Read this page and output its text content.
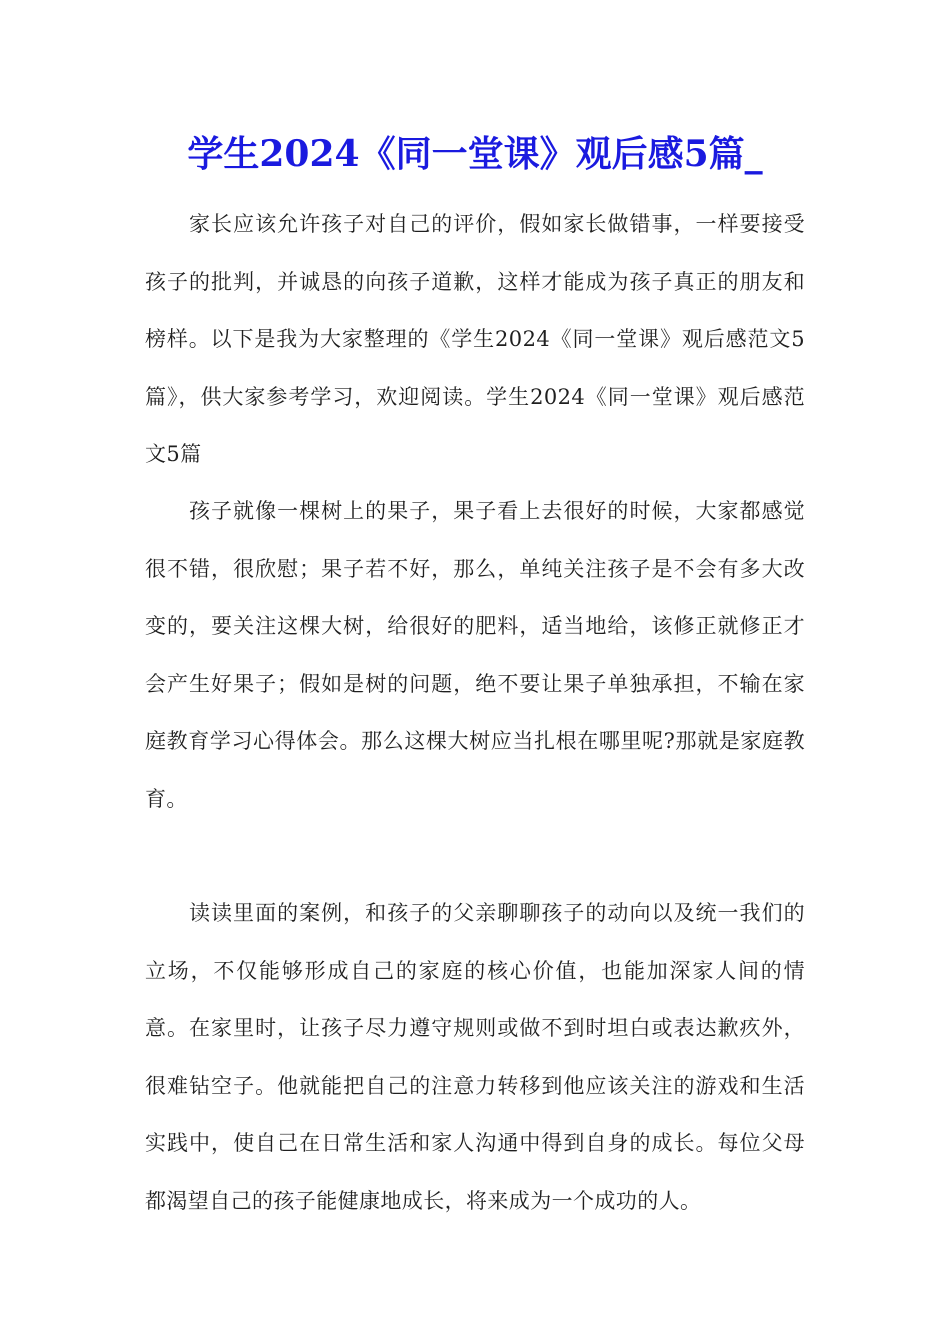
学生2024《同一堂课》观后感5篇_

家长应该允许孩子对自己的评价，假如家长做错事，一样要接受孩子的批判，并诚恳的向孩子道歉，这样才能成为孩子真正的朋友和榜样。以下是我为大家整理的《学生2024《同一堂课》观后感范文5篇》，供大家参考学习，欢迎阅读。学生2024《同一堂课》观后感范文5篇

孩子就像一棵树上的果子，果子看上去很好的时候，大家都感觉很不错，很欣慰；果子若不好，那么，单纯关注孩子是不会有多大改变的，要关注这棵大树，给很好的肥料，适当地给，该修正就修正才会产生好果子；假如是树的问题，绝不要让果子单独承担，不输在家庭教育学习心得体会。那么这棵大树应当扎根在哪里呢?那就是家庭教育。

读读里面的案例，和孩子的父亲聊聊孩子的动向以及统一我们的立场，不仅能够形成自己的家庭的核心价值，也能加深家人间的情意。在家里时，让孩子尽力遵守规则或做不到时坦白或表达歉疚外，很难钻空子。他就能把自己的注意力转移到他应该关注的游戏和生活实践中，使自己在日常生活和家人沟通中得到自身的成长。每位父母都渴望自己的孩子能健康地成长，将来成为一个成功的人。
